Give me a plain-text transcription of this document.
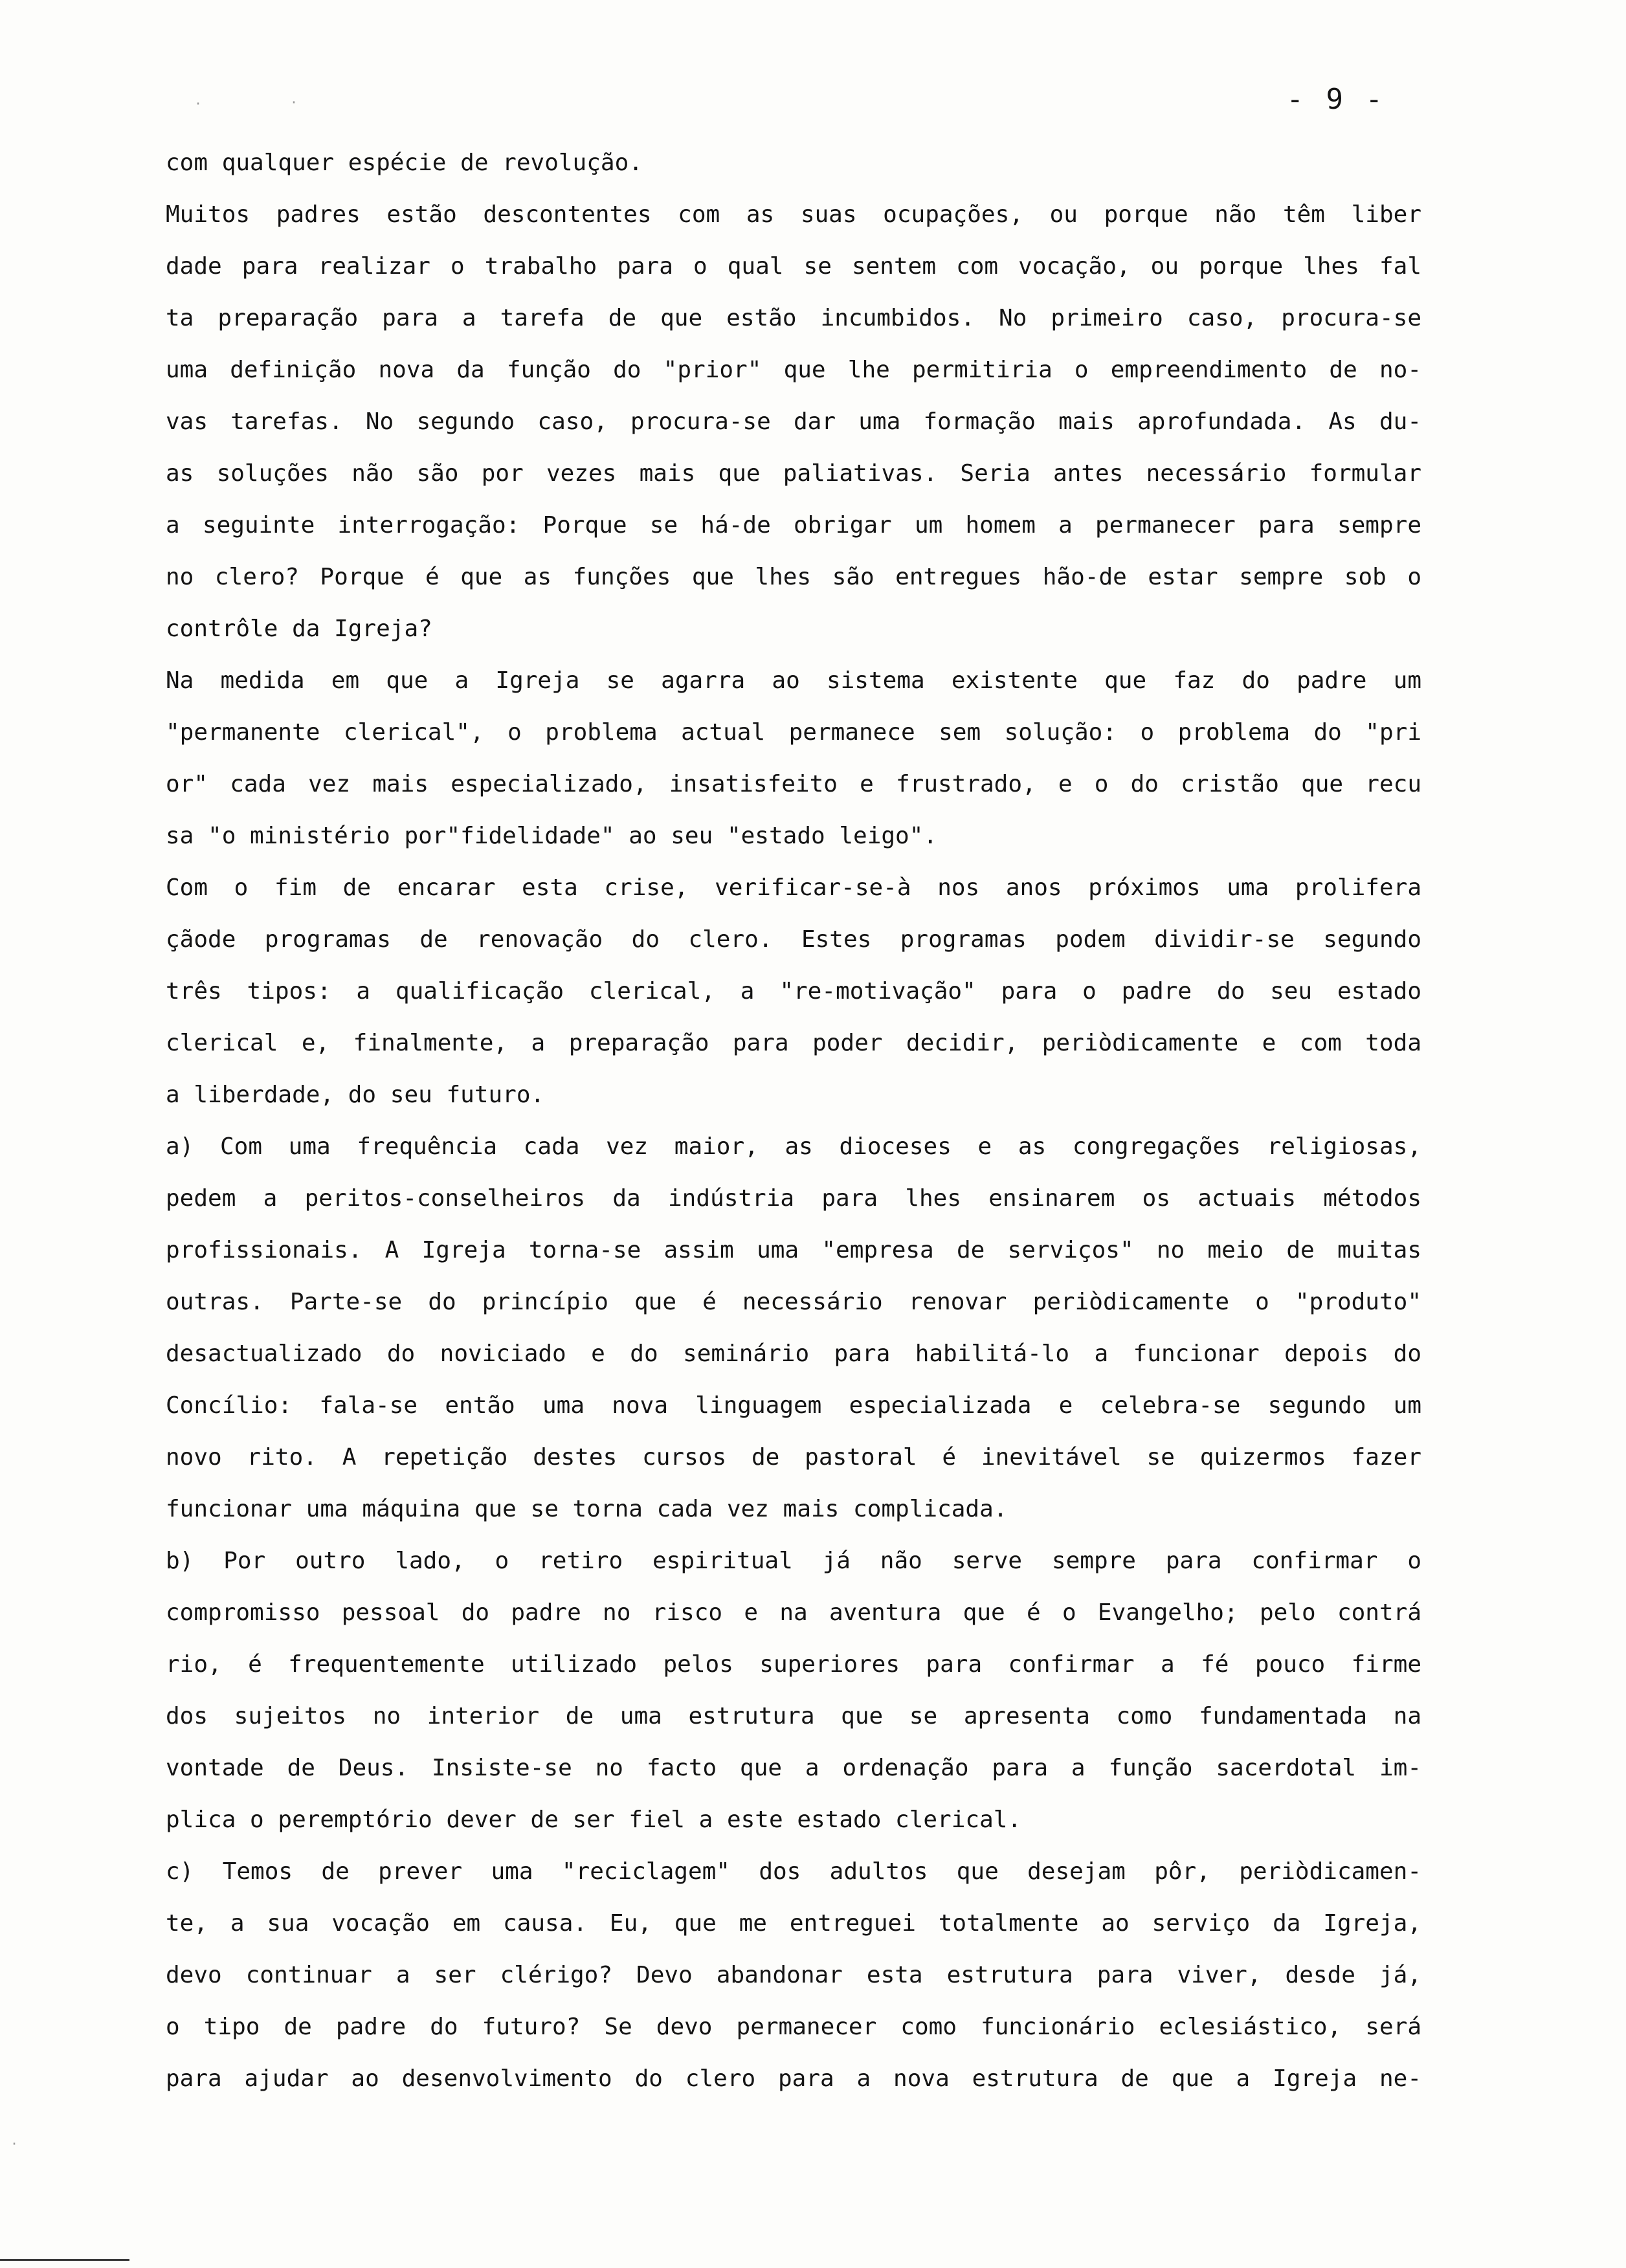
- 9 -
com qualquer espécie de revolução.
Muitos padres estão descontentes com as suas ocupações, ou porque não têm liber
dade para realizar o trabalho para o qual se sentem com vocação, ou porque lhes fal
ta preparação para a tarefa de que estão incumbidos. No primeiro caso, procura-se
uma definição nova da função do "prior" que lhe permitiria o empreendimento de no-
vas tarefas. No segundo caso, procura-se dar uma formação mais aprofundada. As du-
as soluções não são por vezes mais que paliativas. Seria antes necessário formular
a seguinte interrogação: Porque se há-de obrigar um homem a permanecer para sempre
no clero? Porque é que as funções que lhes são entregues hão-de estar sempre sob o
contrôle da Igreja?
Na medida em que a Igreja se agarra ao sistema existente que faz do padre um
"permanente clerical", o problema actual permanece sem solução: o problema do "pri
or" cada vez mais especializado, insatisfeito e frustrado, e o do cristão que recu
sa "o ministério por"fidelidade" ao seu "estado leigo".
Com o fim de encarar esta crise, verificar-se-à nos anos próximos uma prolifera
çãode programas de renovação do clero. Estes programas podem dividir-se segundo
três tipos: a qualificação clerical, a "re-motivação" para o padre do seu estado
clerical e, finalmente, a preparação para poder decidir, periòdicamente e com toda
a liberdade, do seu futuro.
a) Com uma frequência cada vez maior, as dioceses e as congregações religiosas,
pedem a peritos-conselheiros da indústria para lhes ensinarem os actuais métodos
profissionais. A Igreja torna-se assim uma "empresa de serviços" no meio de muitas
outras. Parte-se do princípio que é necessário renovar periòdicamente o "produto"
desactualizado do noviciado e do seminário para habilitá-lo a funcionar depois do
Concílio: fala-se então uma nova linguagem especializada e celebra-se segundo um
novo rito. A repetição destes cursos de pastoral é inevitável se quizermos fazer
funcionar uma máquina que se torna cada vez mais complicada.
b) Por outro lado, o retiro espiritual já não serve sempre para confirmar o
compromisso pessoal do padre no risco e na aventura que é o Evangelho; pelo contrá
rio, é frequentemente utilizado pelos superiores para confirmar a fé pouco firme
dos sujeitos no interior de uma estrutura que se apresenta como fundamentada na
vontade de Deus. Insiste-se no facto que a ordenação para a função sacerdotal im-
plica o peremptório dever de ser fiel a este estado clerical.
c) Temos de prever uma "reciclagem" dos adultos que desejam pôr, periòdicamen-
te, a sua vocação em causa. Eu, que me entreguei totalmente ao serviço da Igreja,
devo continuar a ser clérigo? Devo abandonar esta estrutura para viver, desde já,
o tipo de padre do futuro? Se devo permanecer como funcionário eclesiástico, será
para ajudar ao desenvolvimento do clero para a nova estrutura de que a Igreja ne-
·	·
·
